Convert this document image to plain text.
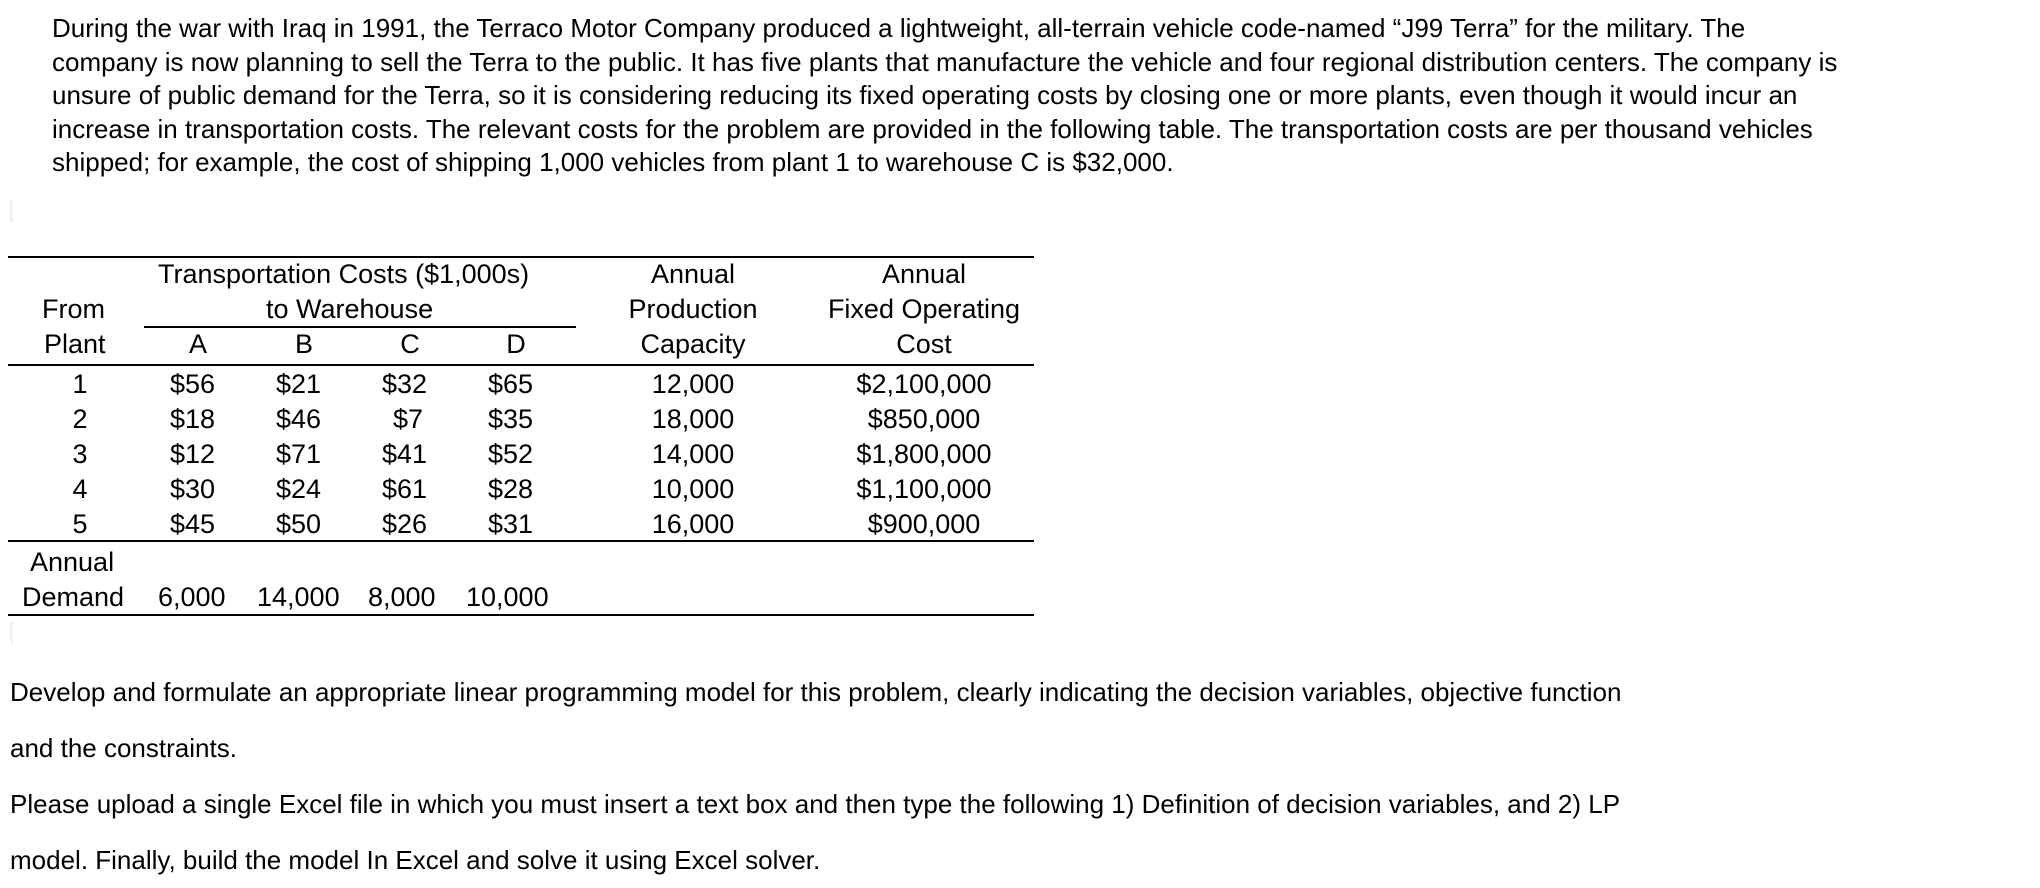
During the war with Iraq in 1991, the Terraco Motor Company produced a lightweight, all-terrain vehicle code-named “J99 Terra” for the military. The

company is now planning to sell the Terra to the public. It has five plants that manufacture the vehicle and four regional distribution centers. The company is

unsure of public demand for the Terra, so it is considering reducing its fixed operating costs by closing one or more plants, even though it would incur an

increase in transportation costs. The relevant costs for the problem are provided in the following table. The transportation costs are per thousand vehicles

shipped; for example, the cost of shipping 1,000 vehicles from plant 1 to warehouse C is $32,000.

Transportation Costs ($1,000s)
to Warehouse
From
Plant	A	B	C	D
Annual
Production
Capacity
Annual
Fixed Operating
Cost
1	$56 $21 $32 $65	12,000	$2,100,000
2	$18 $46	$7 $35	18,000	$850,000
3	$12 $71 $41 $52	14,000	$1,800,000
4	$30 $24 $61 $28	10,000	$1,100,000
5	$45 $50 $26 $31	16,000	$900,000
Annual
Demand 6,000 14,000 8,000 10,000

Develop and formulate an appropriate linear programming model for this problem, clearly indicating the decision variables, objective function

and the constraints.

Please upload a single Excel file in which you must insert a text box and then type the following 1) Definition of decision variables, and 2) LP

model. Finally, build the model In Excel and solve it using Excel solver.
